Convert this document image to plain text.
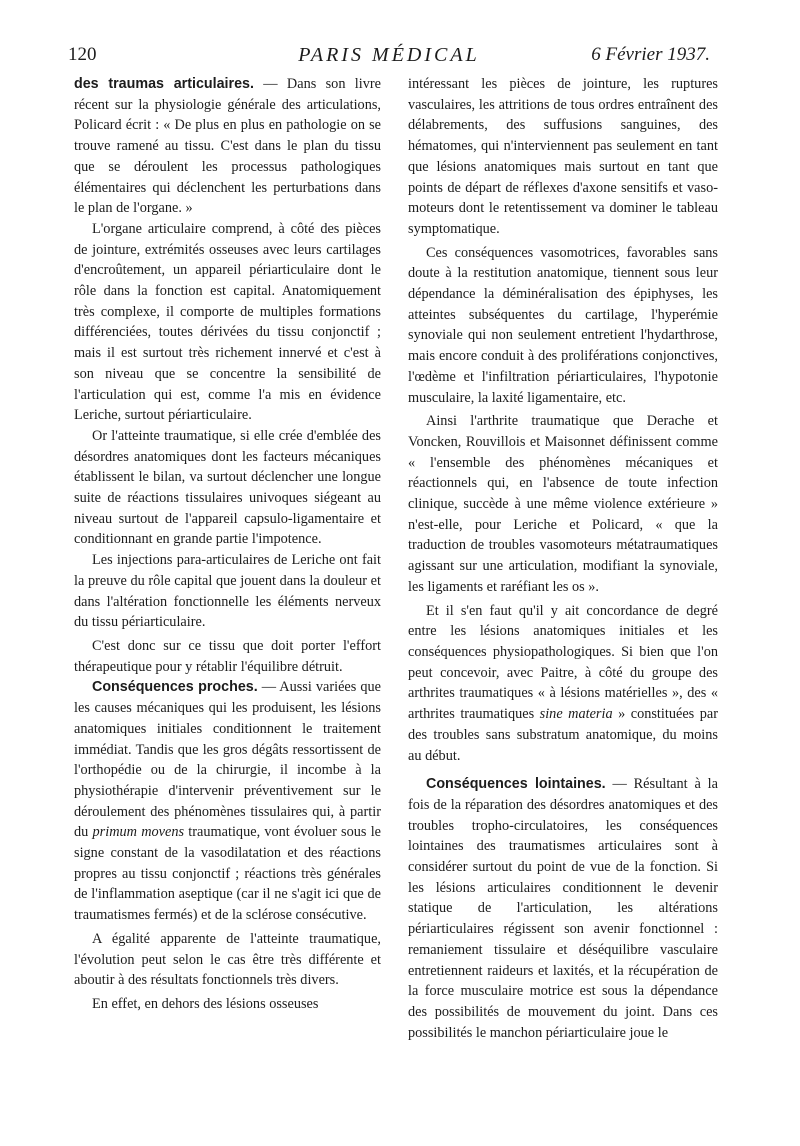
120	PARIS MÉDICAL	6 Février 1937.

des traumas articulaires. — Dans son livre récent sur la physiologie générale des articulations, Policard écrit : « De plus en plus en pathologie on se trouve ramené au tissu. C'est dans le plan du tissu que se déroulent les processus pathologiques élémentaires qui déclenchent les perturbations dans le plan de l'organe. »

L'organe articulaire comprend, à côté des pièces de jointure, extrémités osseuses avec leurs cartilages d'encroûtement, un appareil périarticulaire dont le rôle dans la fonction est capital. Anatomiquement très complexe, il comporte de multiples formations différenciées, toutes dérivées du tissu conjonctif ; mais il est surtout très richement innervé et c'est à son niveau que se concentre la sensibilité de l'articulation qui est, comme l'a mis en évidence Leriche, surtout périarticulaire.

Or l'atteinte traumatique, si elle crée d'emblée des désordres anatomiques dont les facteurs mécaniques établissent le bilan, va surtout déclencher une longue suite de réactions tissulaires univoques siégeant au niveau surtout de l'appareil capsulo-ligamentaire et conditionnant en grande partie l'impotence.

Les injections para-articulaires de Leriche ont fait la preuve du rôle capital que jouent dans la douleur et dans l'altération fonctionnelle les éléments nerveux du tissu périarticulaire.

C'est donc sur ce tissu que doit porter l'effort thérapeutique pour y rétablir l'équilibre détruit.

Conséquences proches. — Aussi variées que les causes mécaniques qui les produisent, les lésions anatomiques initiales conditionnent le traitement immédiat. Tandis que les gros dégâts ressortissent de l'orthopédie ou de la chirurgie, il incombe à la physiothérapie d'intervenir préventivement sur le déroulement des phénomènes tissulaires qui, à partir du primum movens traumatique, vont évoluer sous le signe constant de la vasodilatation et des réactions propres au tissu conjonctif ; réactions très générales de l'inflammation aseptique (car il ne s'agit ici que de traumatismes fermés) et de la sclérose consécutive.

A égalité apparente de l'atteinte traumatique, l'évolution peut selon le cas être très différente et aboutir à des résultats fonctionnels très divers.

En effet, en dehors des lésions osseuses

intéressant les pièces de jointure, les ruptures vasculaires, les attritions de tous ordres entraînent des délabrements, des suffusions sanguines, des hématomes, qui n'interviennent pas seulement en tant que lésions anatomiques mais surtout en tant que points de départ de réflexes d'axone sensitifs et vaso-moteurs dont le retentissement va dominer le tableau symptomatique.

Ces conséquences vasomotrices, favorables sans doute à la restitution anatomique, tiennent sous leur dépendance la déminéralisation des épiphyses, les atteintes subséquentes du cartilage, l'hyperémie synoviale qui non seulement entretient l'hydarthrose, mais encore conduit à des proliférations conjonctives, l'œdème et l'infiltration périarticulaires, l'hypotonie musculaire, la laxité ligamentaire, etc.

Ainsi l'arthrite traumatique que Derache et Voncken, Rouvillois et Maisonnet définissent comme « l'ensemble des phénomènes mécaniques et réactionnels qui, en l'absence de toute infection clinique, succède à une même violence extérieure » n'est-elle, pour Leriche et Policard, « que la traduction de troubles vasomoteurs métatraumatiques agissant sur une articulation, modifiant la synoviale, les ligaments et raréfiant les os ».

Et il s'en faut qu'il y ait concordance de degré entre les lésions anatomiques initiales et les conséquences physiopathologiques. Si bien que l'on peut concevoir, avec Paitre, à côté du groupe des arthrites traumatiques « à lésions matérielles », des « arthrites traumatiques sine materia » constituées par des troubles sans substratum anatomique, du moins au début.

Conséquences lointaines. — Résultant à la fois de la réparation des désordres anatomiques et des troubles tropho-circulatoires, les conséquences lointaines des traumatismes articulaires sont à considérer surtout du point de vue de la fonction. Si les lésions articulaires conditionnent le devenir statique de l'articulation, les altérations périarticulaires régissent son avenir fonctionnel : remaniement tissulaire et déséquilibre vasculaire entretiennent raideurs et laxités, et la récupération de la force musculaire motrice est sous la dépendance des possibilités de mouvement du joint. Dans ces possibilités le manchon périarticulaire joue le
